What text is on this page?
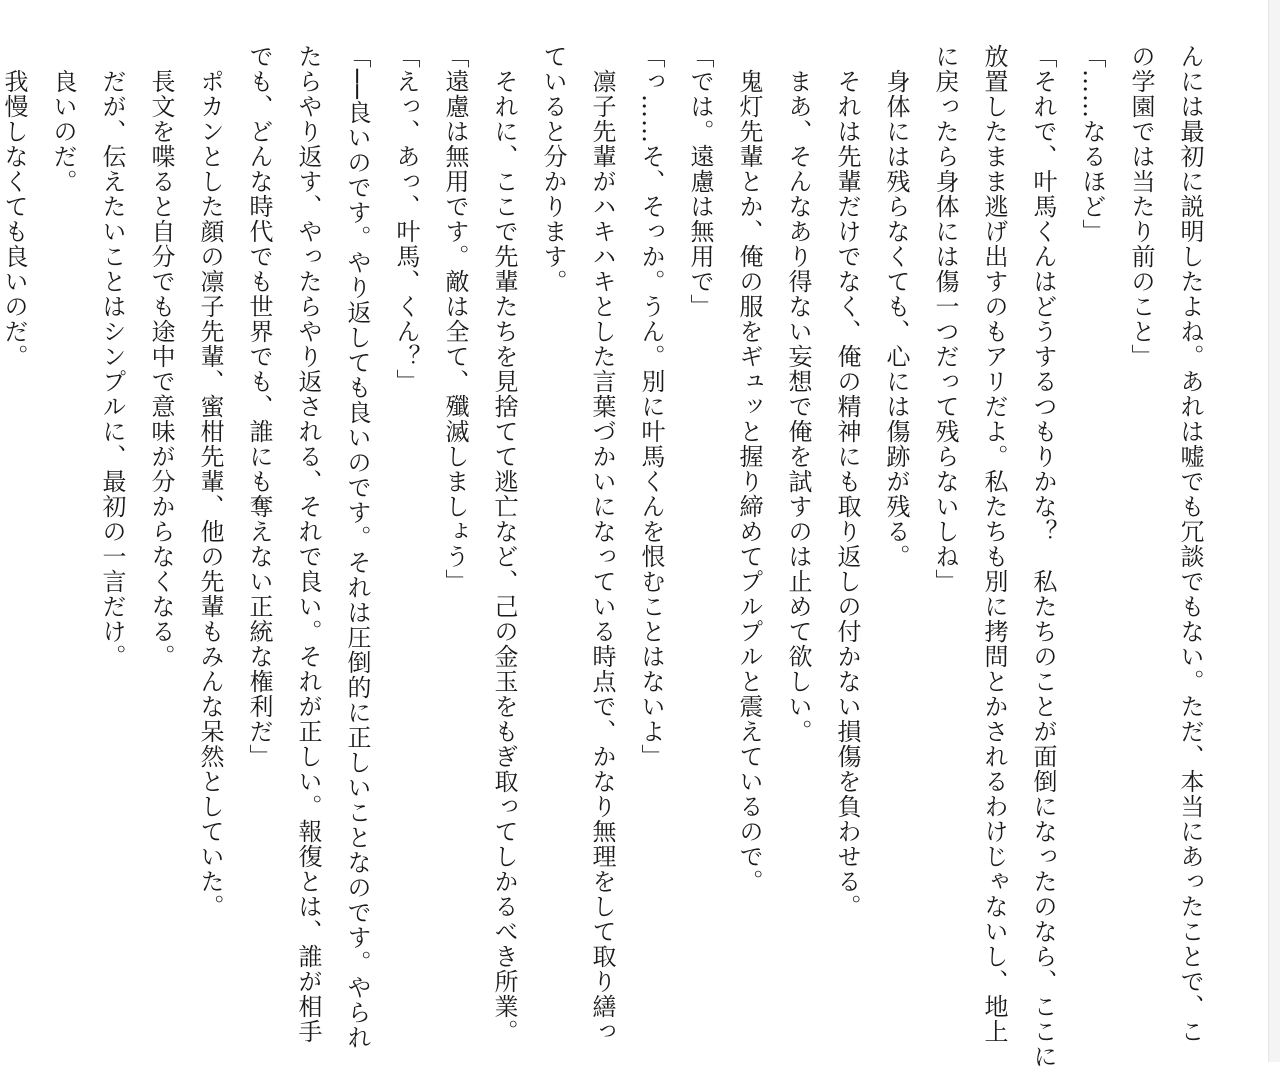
んには最初に説明したよね。あれは嘘でも冗談でもない。ただ、本当にあったことで、こ

の学園では当たり前のこと」

「……なるほど」

「それで、叶馬くんはどうするつもりかな？　私たちのことが面倒になったのなら、ここに

放置したまま逃げ出すのもアリだよ。私たちも別に拷問とかされるわけじゃないし、地上

に戻ったら身体には傷一つだって残らないしね」

　身体には残らなくても、心には傷跡が残る。

　それは先輩だけでなく、俺の精神にも取り返しの付かない損傷を負わせる。

　まあ、そんなあり得ない妄想で俺を試すのは止めて欲しい。

　鬼灯先輩とか、俺の服をギュッと握り締めてプルプルと震えているので。

「では。遠慮は無用で」

「っ……そ、そっか。うん。別に叶馬くんを恨むことはないよ」

　凛子先輩がハキハキとした言葉づかいになっている時点で、かなり無理をして取り繕っ

ていると分かります。

　それに、ここで先輩たちを見捨てて逃亡など、己の金玉をもぎ取ってしかるべき所業。

「遠慮は無用です。敵は全て、殲滅しましょう」

「えっ、あっ、叶馬、くん？」

「──良いのです。やり返しても良いのです。それは圧倒的に正しいことなのです。やられ

たらやり返す、やったらやり返される、それで良い。それが正しい。報復とは、誰が相手

でも、どんな時代でも世界でも、誰にも奪えない正統な権利だ」

　ポカンとした顔の凛子先輩、蜜柑先輩、他の先輩もみんな呆然としていた。

　長文を喋ると自分でも途中で意味が分からなくなる。

　だが、伝えたいことはシンプルに、最初の一言だけ。

　良いのだ。

　我慢しなくても良いのだ。
